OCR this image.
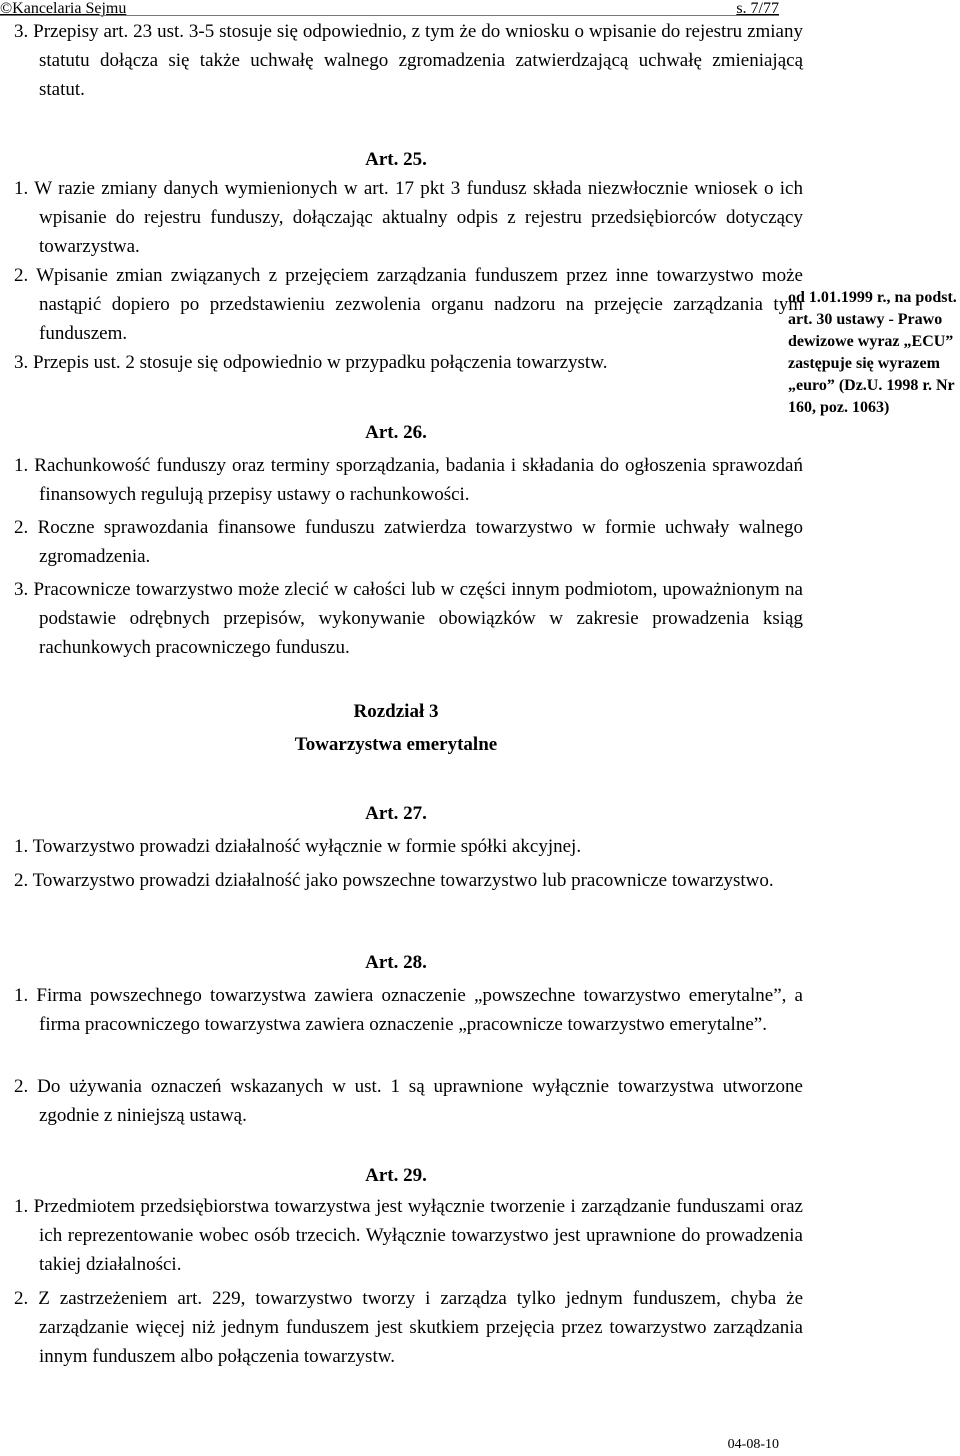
©Kancelaria Sejmu	s. 7/77
3. Przepisy art. 23 ust. 3-5 stosuje się odpowiednio, z tym że do wniosku o wpisanie do rejestru zmiany statutu dołącza się także uchwałę walnego zgromadzenia zatwierdzającą uchwałę zmieniającą statut.
Art. 25.
1. W razie zmiany danych wymienionych w art. 17 pkt 3 fundusz składa niezwłocznie wniosek o ich wpisanie do rejestru funduszy, dołączając aktualny odpis z rejestru przedsiębiorców dotyczący towarzystwa.
2. Wpisanie zmian związanych z przejęciem zarządzania funduszem przez inne towarzystwo może nastąpić dopiero po przedstawieniu zezwolenia organu nadzoru na przejęcie zarządzania tym funduszem.
3. Przepis ust. 2 stosuje się odpowiednio w przypadku połączenia towarzystw.
Art. 26.
1. Rachunkowość funduszy oraz terminy sporządzania, badania i składania do ogłoszenia sprawozdań finansowych regulują przepisy ustawy o rachunkowości.
2. Roczne sprawozdania finansowe funduszu zatwierdza towarzystwo w formie uchwały walnego zgromadzenia.
3. Pracownicze towarzystwo może zlecić w całości lub w części innym podmiotom, upoważnionym na podstawie odrębnych przepisów, wykonywanie obowiązków w zakresie prowadzenia ksiąg rachunkowych pracowniczego funduszu.
Rozdział 3
Towarzystwa emerytalne
Art. 27.
1. Towarzystwo prowadzi działalność wyłącznie w formie spółki akcyjnej.
2. Towarzystwo prowadzi działalność jako powszechne towarzystwo lub pracownicze towarzystwo.
Art. 28.
1. Firma powszechnego towarzystwa zawiera oznaczenie „powszechne towarzystwo emerytalne”, a firma pracowniczego towarzystwa zawiera oznaczenie „pracownicze towarzystwo emerytalne”.
2. Do używania oznaczeń wskazanych w ust. 1 są uprawnione wyłącznie towarzystwa utworzone zgodnie z niniejszą ustawą.
Art. 29.
1. Przedmiotem przedsiębiorstwa towarzystwa jest wyłącznie tworzenie i zarządzanie funduszami oraz ich reprezentowanie wobec osób trzecich. Wyłącznie towarzystwo jest uprawnione do prowadzenia takiej działalności.
2. Z zastrzeżeniem art. 229, towarzystwo tworzy i zarządza tylko jednym funduszem, chyba że zarządzanie więcej niż jednym funduszem jest skutkiem przejęcia przez towarzystwo zarządzania innym funduszem albo połączenia towarzystw.
od 1.01.1999 r., na podst. art. 30 ustawy - Prawo dewizowe wyraz „ECU” zastępuje się wyrazem „euro” (Dz.U. 1998 r. Nr 160, poz. 1063)
04-08-10
